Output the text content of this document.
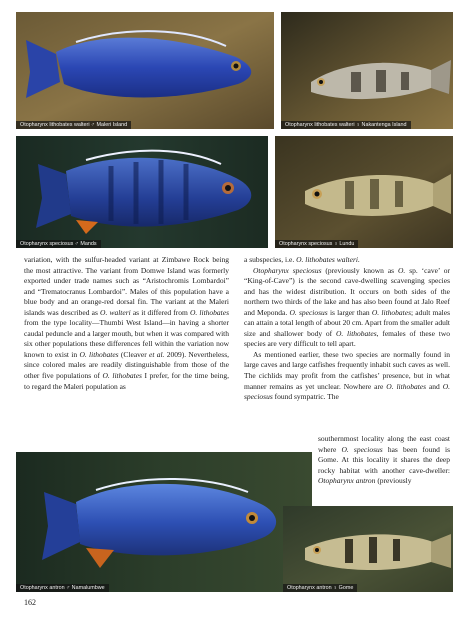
Otopharynx lithobates walteri ♂ Maleri Island	Otopharynx lithobates walteri ♀ Nakantenga Island
Otopharynx speciosus ♂ Mands	Otopharynx speciosus ♀ Lundu

variation, with the sulfur-headed variant at Zimbawe Rock being the most attractive. The variant from Domwe Island was formerly exported under trade names such as “Aristochromis Lombardoi” and “Trematocranus Lombardoi”. Males of this population have a blue body and an orange-red dorsal fin. The variant at the Maleri islands was described as O. walteri as it differed from O. lithobates from the type locality—Thumbi West Island—in having a shorter caudal peduncle and a larger mouth, but when it was compared with six other populations these differences fell within the variation now known to exist in O. lithobates (Cleaver et al. 2009). Nevertheless, since colored males are readily distinguishable from those of the other five populations of O. lithobates I prefer, for the time being, to regard the Maleri population as

a subspecies, i.e. O. lithobates walteri.

Otopharynx speciosus (previously known as O. sp. ‘cave’ or “King-of-Cave”) is the second cave-dwelling scavenging species and has the widest distribution. It occurs on both sides of the northern two thirds of the lake and has also been found at Jalo Reef and Meponda. O. speciosus is larger than O. lithobates; adult males can attain a total length of about 20 cm. Apart from the smaller adult size and shallower body of O. lithobates, females of these two species are very difficult to tell apart.

As mentioned earlier, these two species are normally found in large caves and large catfishes frequently inhabit such caves as well. The cichlids may profit from the catfishes’ presence, but in what manner remains as yet unclear. Nowhere are O. lithobates and O. speciosus found sympatric. The

southernmost locality along the east coast where O. speciosus has been found is Gome. At this locality it shares the deep rocky habitat with another cave-dweller: Otopharynx antron (previously

Otopharynx antron ♂ Namalumbwe	Otopharynx antron ♀ Gome
162
